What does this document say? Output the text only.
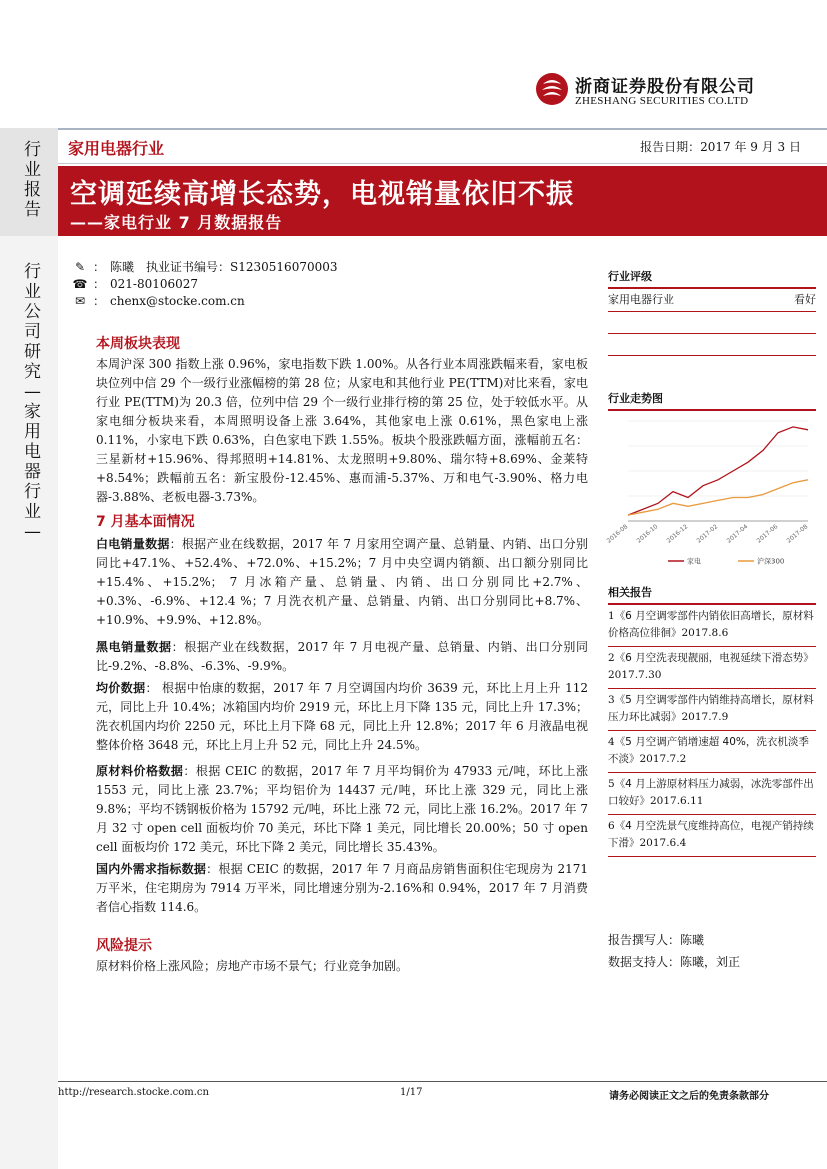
行业报告
行业公司研究—家用电器行业—
浙商证券股份有限公司
ZHESHANG SECURITIES CO.LTD
家用电器行业	报告日期：2017 年 9 月 3 日
空调延续高增长态势，电视销量依旧不振
——家电行业 7 月数据报告
✎ ： 陈曦 执业证书编号： S1230516070003
☎ ： 021-80106027
✉ ： chenx@stocke.com.cn
本周板块表现

本周沪深 300 指数上涨 0.96%，家电指数下跌 1.00%。从各行业本周涨跌幅来看，家电板块位列中信 29 个一级行业涨幅榜的第 28 位；从家电和其他行业 PE(TTM)对比来看，家电行业 PE(TTM)为 20.3 倍，位列中信 29 个一级行业排行榜的第 25 位，处于较低水平。从家电细分板块来看，本周照明设备上涨 3.64%，其他家电上涨 0.61%，黑色家电上涨 0.11%，小家电下跌 0.63%，白色家电下跌 1.55%。板块个股涨跌幅方面，涨幅前五名：三星新材+15.96%、得邦照明+14.81%、太龙照明+9.80%、瑞尔特+8.69%、金莱特+8.54%；跌幅前五名：新宝股份-12.45%、惠而浦-5.37%、万和电气-3.90%、格力电器-3.88%、老板电器-3.73%。

7 月基本面情况

白电销量数据：根据产业在线数据，2017 年 7 月家用空调产量、总销量、内销、出口分别同比+47.1%、+52.4%、+72.0%、+15.2%；7 月中央空调内销额、出口额分别同比+15.4%、+15.2%； 7 月冰箱产量、总销量、内销、出口分别同比+2.7%、+0.3%、-6.9%、+12.4 %；7 月洗衣机产量、总销量、内销、出口分别同比+8.7%、+10.9%、+9.9%、+12.8%。

黑电销量数据：根据产业在线数据，2017 年 7 月电视产量、总销量、内销、出口分别同比-9.2%、-8.8%、-6.3%、-9.9%。

均价数据： 根据中怡康的数据，2017 年 7 月空调国内均价 3639 元，环比上月上升 112 元，同比上升 10.4%；冰箱国内均价 2919 元，环比上月下降 135 元，同比上升 17.3%；洗衣机国内均价 2250 元，环比上月下降 68 元，同比上升 12.8%；2017 年 6 月液晶电视整体价格 3648 元，环比上月上升 52 元，同比上升 24.5%。

原材料价格数据：根据 CEIC 的数据，2017 年 7 月平均铜价为 47933 元/吨，环比上涨 1553 元，同比上涨 23.7%；平均铝价为 14437 元/吨，环比上涨 329 元，同比上涨 9.8%；平均不锈钢板价格为 15792 元/吨，环比上涨 72 元，同比上涨 16.2%。2017 年 7 月 32 寸 open cell 面板均价 70 美元，环比下降 1 美元，同比增长 20.00%；50 寸 open cell 面板均价 172 美元，环比下降 2 美元，同比增长 35.43%。

国内外需求指标数据：根据 CEIC 的数据，2017 年 7 月商品房销售面积住宅现房为 2171 万平米，住宅期房为 7914 万平米，同比增速分别为-2.16%和 0.94%，2017 年 7 月消费者信心指数 114.6。

风险提示

原材料价格上涨风险；房地产市场不景气；行业竞争加剧。

行业评级
家用电器行业	看好
行业走势图
2016-08 2016-10 2016-12 2017-02 2017-04 2017-06 2017-08
家电	沪深300
相关报告
1《6 月空调零部件内销依旧高增长，原材料价格高位徘徊》2017.8.6
2《6 月空洗表现靓丽，电视延续下滑态势》2017.7.30
3《5 月空调零部件内销维持高增长，原材料压力环比减弱》2017.7.9
4《5 月空调产销增速超 40%，洗衣机淡季不淡》2017.7.2
5《4 月上游原材料压力减弱，冰洗零部件出口较好》2017.6.11
6《4 月空洗景气度维持高位，电视产销持续下滑》2017.6.4
报告撰写人：陈曦
数据支持人：陈曦，刘正
http://research.stocke.com.cn	1/17	请务必阅读正文之后的免责条款部分
